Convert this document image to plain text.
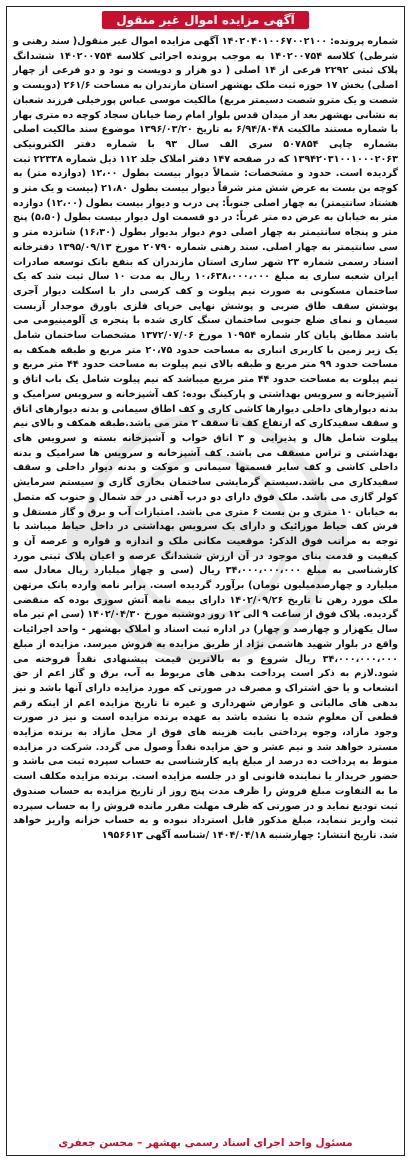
آگهی مزایده اموال غیر منقول
شماره پرونده: ۱۴۰۲۰۴۰۱۰۰۶۷۰۰۲۱۰۰ آگهی مزایده اموال غیر منقول( سند رهنی و شرطی) کلاسه ۱۴۰۲۰۰۷۵۴ به موجب پرونده اجرائی کلاسه ۱۴۰۲۰۰۷۵۴ ششدانگ پلاک ثبتی ۲۲۹۲ فرعی از ۱۴ اصلی ( دو هزار و دویست و نود و دو فرعی از چهار اصلی) بخش ۱۷ حوزه ثبت ملک بهشهر استان مازندران به مساحت ۲۶۱/۶ (دویست و شصت و یک مترو شصت دسیمتر مربع) مالکیت موسی عباس پورخیلی فرزند شعبان به نشانی بهشهر بعد از میدان قدس بلوار امام رضا خیابان سجاد کوچه ده متری بهار با شماره مستند مالکیت ۶/۹۴/۸۰۴۸ به تاریخ ۱۳۹۶/۰۳/۲۰ موضوع سند مالکیت اصلی بشماره چاپی ۵۰۷۸۵۴ سری الف سال ۹۳ با شماره دفتر الکترونیکی ۱۳۹۴۲۰۳۱۰۰۱۰۰۰۲۰۶۳ که در صفحه ۱۴۷ دفتر املاک جلد ۱۱۲ ذیل شماره ۲۲۳۳۸ ثبت گردیده است. حدود و مشخصات: شمالاً دیوار بیست بطول ۱۲،۰۰ (دوازده متر) به کوچه بن بست به عرض شش متر شرقاً دیوار بیست بطول ۲۱،۸۰ (بیست و یک متر و هشتاد سانتیمتر) به چهار اصلی جنوباً: پی درب و دیوار بیست بطول (۱۲،۰۰) دوازده متر به خیابان به عرض ده متر غرباً: در دو قسمت اول دیوار بیست بطول (۵،۵۰) پنج متر و پنجاه سانتیمتر به چهار اصلی دوم دیوار بدیوار بطول (۱۶،۳۰) شانزده متر و سی سانتیمتر به چهار اصلی. سند رهنی شماره ۲۰۷۹۰ مورخ ۱۳۹۵/۰۹/۱۳ دفترخانه اسناد رسمی شماره ۲۳ شهر ساری استان مازندران که بنفع بانک توسعه صادرات ایران شعبه ساری به مبلغ ۱۰،۶۳۸،۰۰۰،۰۰۰ ریال به مدت ۱۰ سال ثبت شد که یک ساختمان مسکونی به صورت نیم پیلوت و کف کرسی دار با اسکلت دیوار آجری پوشش سقف طاق ضربی و پوشش نهایی خرپای فلزی باورق موجدار آزبست سیمان و نمای ضلع جنوبی ساختمان سنگ کاری شده با پنجره ی آلومینیومی می باشد مطابق پایان کار شماره ۱۰۹۵۴ مورخ ۱۳۷۲/۰۷/۰۶ مشخصات ساختمان شامل یک زیر زمین با کاربری انباری به مساحت حدود ۲۰،۷۵ متر مربع و طبقه همکف به مساحت حدود ۹۹ متر مربع و طبقه بالای نیم پیلوت به مساحت حدود ۴۴ متر مربع و نیم پیلوت به مساحت حدود ۴۴ متر مربع میباشد که نیم پیلوت شامل یک باب اتاق و آشپزخانه و سرویس بهداشتی و پارکینگ بوده: کف آشپزخانه و سرویس سرامیک و بدنه دیوارهای داخلی دیوارها کاشی کاری و کف اطاق سیمانی و بدنه دیوارهای اتاق و سقف سفیدکاری که ارتفاع کف تا سقف ۲ متر می باشد.طبقه همکف و بالای نیم پیلوت شامل هال و پذیرایی و ۳ اتاق خواب و آشپزخانه بسته و سرویس های بهداشتی و تراس مسقف می باشد. کف آشپزخانه و سرویس ها سرامیک و بدنه داخلی کاشی و کف سایر قسمتها سیمانی و موکت و بدنه دیوار داخلی و سقف سفیدکاری می باشد.سیستم گرمایشی ساختمان بخاری گازی و سیستم سرمایش کولر گازی می باشد. ملک فوق دارای دو درب آهنی در حد شمال و جنوب که متصل به خیابان ۱۰ متری و بن بست ۶ متری می باشد. امتیازات آب و برق و گاز مستقل و فرش کف حیاط موزائیک و دارای یک سرویس بهداشتی در داخل حیاط میباشد با توجه به مراتب فوق الذکر: موقعیت مکانی ملک و اندازه و قواره و عرصه آن و کیفیت و قدمت بنای موجود در آن ارزش ششدانگ عرصه و اعیان پلاک ثبتی مورد کارشناسی به مبلغ ۳۴،۰۰۰،۰۰۰،۰۰۰ ریال (سی و چهار میلیارد ریال معادل سه میلیارد و چهارصدمیلیون تومان) برآورد گردیده است. برابر نامه وارده بانک مرتهن ملک مورد رهن تا تاریخ ۱۴۰۲/۰۹/۲۶ دارای بیمه نامه آتش سوزی بوده که منقضی گردیده. پلاک فوق از ساعت ۹ الی ۱۲ روز دوشنبه مورخ ۱۴۰۲/۰۴/۳۰ (سی ام تیر ماه سال یکهزار و چهارصد و چهار) در اداره ثبت اسناد و املاک بهشهر - واحد اجرائیات واقع در بلوار شهید هاشمی نژاد از طریق مزایده به فروش میرسد. مزایده از مبلغ ۳۴،۰۰۰،۰۰۰،۰۰۰ ریال شروع و به بالاترین قیمت پیشنهادی نقداً فروخته می شود.لازم به ذکر است پرداخت بدهی های مربوط به آب، برق و گاز اعم از حق انشعاب و یا حق اشتراک و مصرف در صورتی که مورد مزایده دارای آنها باشد و نیز بدهی های مالیاتی و عوارض شهرداری و غیره تا تاریخ مزایده اعم از اینکه رقم قطعی آن معلوم شده یا نشده باشد به عهده برنده مزایده است و نیز در صورت وجود مازاد، وجوه پرداختی بابت هزینه های فوق از محل مازاد به برنده مزایده مسترد خواهد شد و نیم عشر و حق مزایده نقداً وصول می گردد. شرکت در مزایده منوط به پرداخت ده درصد از مبلغ پایه کارشناسی به حساب سپرده ثبت می باشد و حضور خریدار یا نماینده قانونی او در جلسه مزایده است. برنده مزایده مکلف است ما به التفاوت مبلغ فروش را ظرف مدت پنج روز از تاریخ مزایده به حساب صندوق ثبت تودیع نماید و در صورتی که ظرف مهلت مقرر مانده فروش را به حساب سپرده ثبت واریز ننماید، مبلغ مذکور قابل استرداد نبوده و به حساب خزانه واریز خواهد شد. تاریخ انتشار: چهارشنبه ۱۴۰۴/۰۴/۱۸ /شناسه آگهی ۱۹۵۶۶۱۳
مسئول واحد اجرای اسناد رسمی بهشهر – محسن جعفری
